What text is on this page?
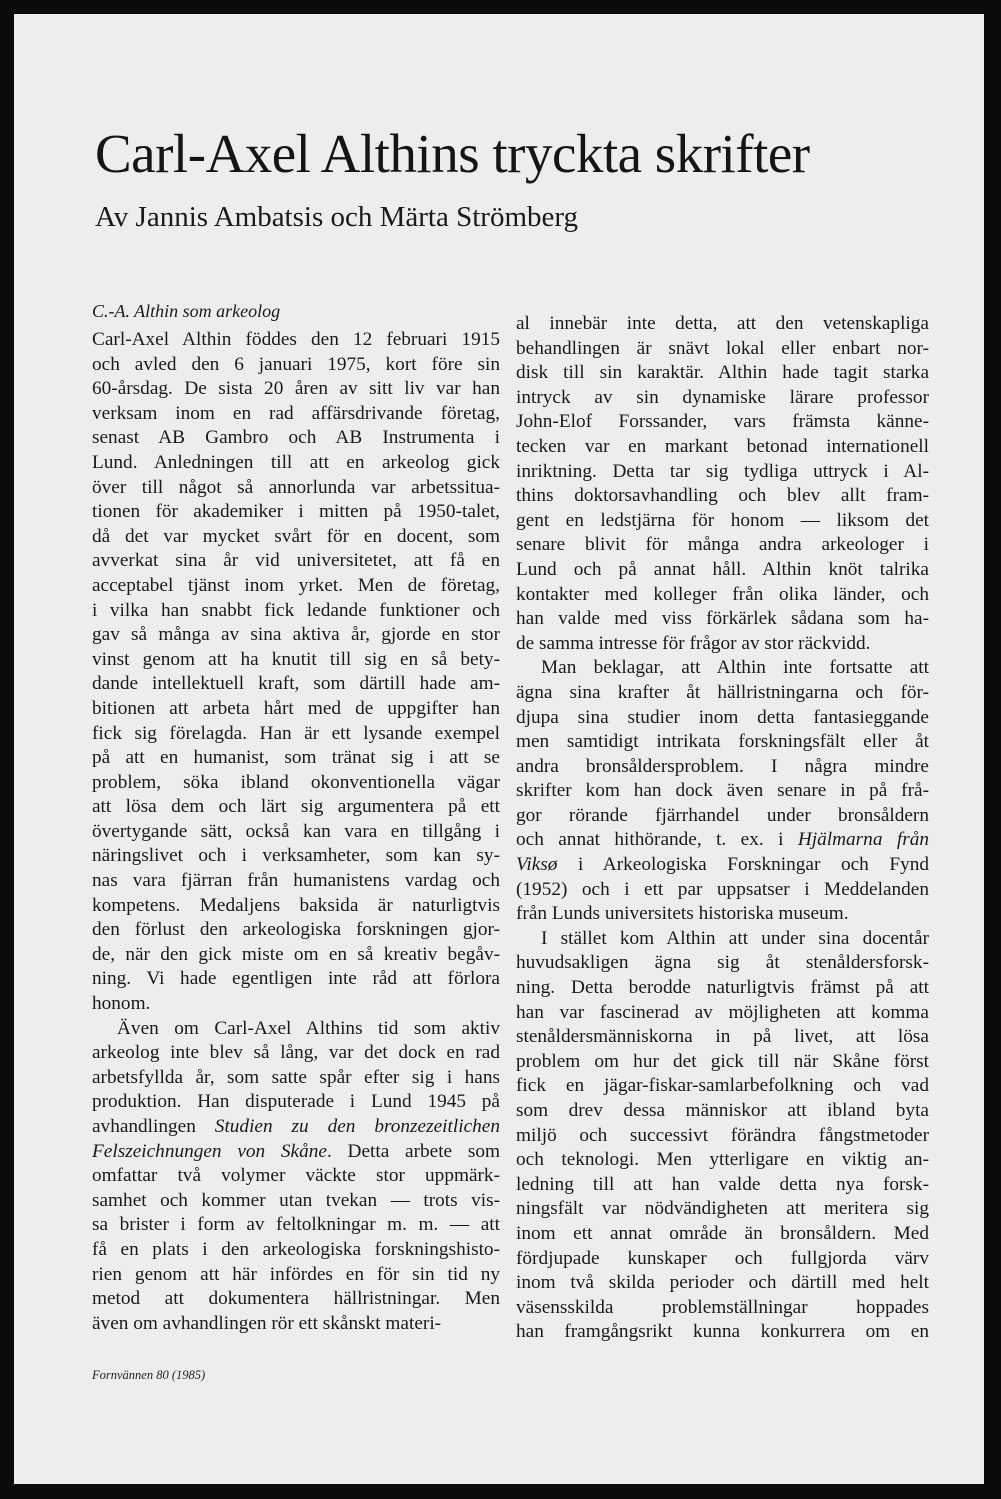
Carl-Axel Althins tryckta skrifter
Av Jannis Ambatsis och Märta Strömberg
C.-A. Althin som arkeolog
Carl-Axel Althin föddes den 12 februari 1915
och avled den 6 januari 1975, kort före sin
60-årsdag. De sista 20 åren av sitt liv var han
verksam inom en rad affärsdrivande företag,
senast AB Gambro och AB Instrumenta i
Lund. Anledningen till att en arkeolog gick
över till något så annorlunda var arbetssitua-
tionen för akademiker i mitten på 1950-talet,
då det var mycket svårt för en docent, som
avverkat sina år vid universitetet, att få en
acceptabel tjänst inom yrket. Men de företag,
i vilka han snabbt fick ledande funktioner och
gav så många av sina aktiva år, gjorde en stor
vinst genom att ha knutit till sig en så bety-
dande intellektuell kraft, som därtill hade am-
bitionen att arbeta hårt med de uppgifter han
fick sig förelagda. Han är ett lysande exempel
på att en humanist, som tränat sig i att se
problem, söka ibland okonventionella vägar
att lösa dem och lärt sig argumentera på ett
övertygande sätt, också kan vara en tillgång i
näringslivet och i verksamheter, som kan sy-
nas vara fjärran från humanistens vardag och
kompetens. Medaljens baksida är naturligtvis
den förlust den arkeologiska forskningen gjor-
de, när den gick miste om en så kreativ begåv-
ning. Vi hade egentligen inte råd att förlora
honom.
Även om Carl-Axel Althins tid som aktiv
arkeolog inte blev så lång, var det dock en rad
arbetsfyllda år, som satte spår efter sig i hans
produktion. Han disputerade i Lund 1945 på
avhandlingen Studien zu den bronzezeitlichen
Felszeichnungen von Skåne. Detta arbete som
omfattar två volymer väckte stor uppmärk-
samhet och kommer utan tvekan — trots vis-
sa brister i form av feltolkningar m. m. — att
få en plats i den arkeologiska forskningshisto-
rien genom att här infördes en för sin tid ny
metod att dokumentera hällristningar. Men
även om avhandlingen rör ett skånskt materi-
al innebär inte detta, att den vetenskapliga
behandlingen är snävt lokal eller enbart nor-
disk till sin karaktär. Althin hade tagit starka
intryck av sin dynamiske lärare professor
John-Elof Forssander, vars främsta känne-
tecken var en markant betonad internationell
inriktning. Detta tar sig tydliga uttryck i Al-
thins doktorsavhandling och blev allt fram-
gent en ledstjärna för honom — liksom det
senare blivit för många andra arkeologer i
Lund och på annat håll. Althin knöt talrika
kontakter med kolleger från olika länder, och
han valde med viss förkärlek sådana som ha-
de samma intresse för frågor av stor räckvidd.
Man beklagar, att Althin inte fortsatte att
ägna sina krafter åt hällristningarna och för-
djupa sina studier inom detta fantasieggande
men samtidigt intrikata forskningsfält eller åt
andra bronsåldersproblem. I några mindre
skrifter kom han dock även senare in på frå-
gor rörande fjärrhandel under bronsåldern
och annat hithörande, t. ex. i Hjälmarna från
Viksø i Arkeologiska Forskningar och Fynd
(1952) och i ett par uppsatser i Meddelanden
från Lunds universitets historiska museum.
I stället kom Althin att under sina docentår
huvudsakligen ägna sig åt stenåldersforsk-
ning. Detta berodde naturligtvis främst på att
han var fascinerad av möjligheten att komma
stenåldersmänniskorna in på livet, att lösa
problem om hur det gick till när Skåne först
fick en jägar-fiskar-samlarbefolkning och vad
som drev dessa människor att ibland byta
miljö och successivt förändra fångstmetoder
och teknologi. Men ytterligare en viktig an-
ledning till att han valde detta nya forsk-
ningsfält var nödvändigheten att meritera sig
inom ett annat område än bronsåldern. Med
fördjupade kunskaper och fullgjorda värv
inom två skilda perioder och därtill med helt
väsensskilda problemställningar hoppades
han framgångsrikt kunna konkurrera om en
Fornvännen 80 (1985)
